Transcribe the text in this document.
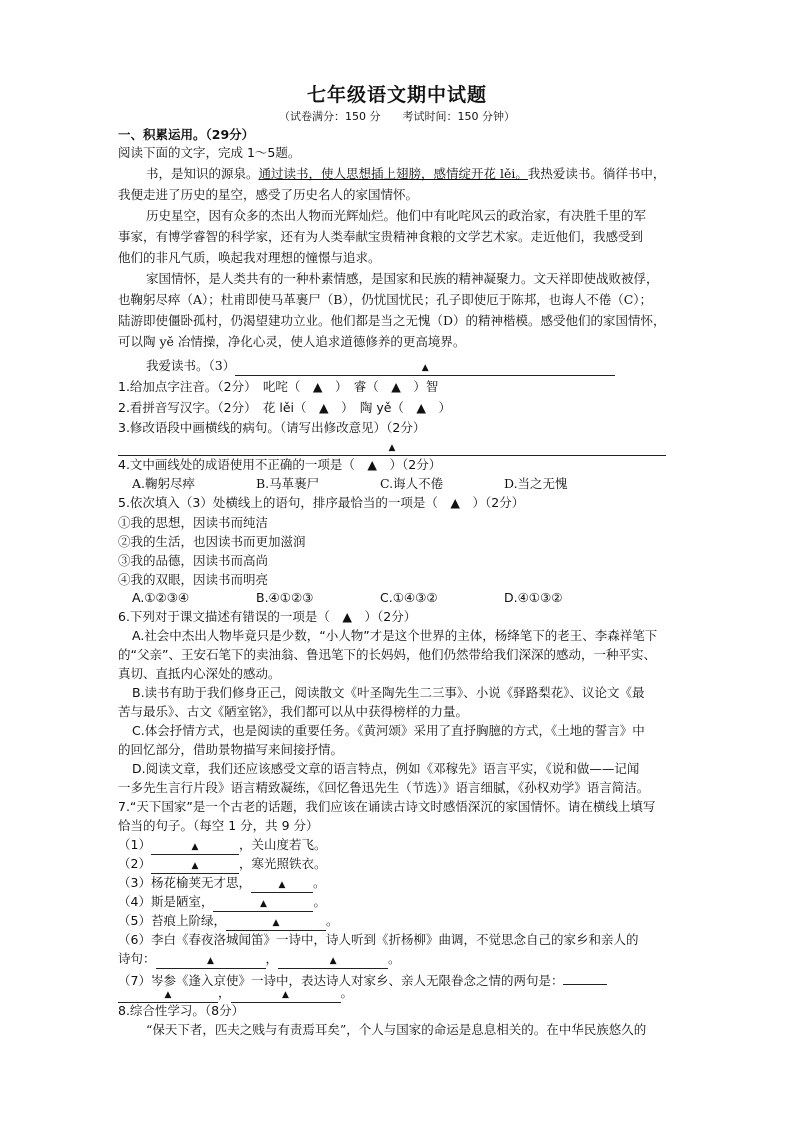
七年级语文期中试题
（试卷满分：150 分　　考试时间：150 分钟）
一、积累运用。（29分）
阅读下面的文字，完成 1～5题。
书，是知识的源泉。通过读书，使人思想插上翅膀，感情绽开花 lěi。我热爱读书。徜徉书中，
我便走进了历史的星空，感受了历史名人的家国情怀。
历史星空，因有众多的杰出人物而光辉灿烂。他们中有叱咤风云的政治家，有决胜千里的军
事家，有博学睿智的科学家，还有为人类奉献宝贵精神食粮的文学艺术家。走近他们，我感受到
他们的非凡气质，唤起我对理想的憧憬与追求。
家国情怀，是人类共有的一种朴素情感，是国家和民族的精神凝聚力。文天祥即使战败被俘，
也鞠躬尽瘁（A）；杜甫即使马革裹尸（B），仍忧国忧民；孔子即使厄于陈邦，也诲人不倦（C）；
陆游即使僵卧孤村，仍渴望建功立业。他们都是当之无愧（D）的精神楷模。感受他们的家国情怀，
可以陶 yě 冶情操，净化心灵，使人追求道德修养的更高境界。
我爱读书。（3）	▲
1.给加点字注音。（2分）　叱咤（　▲　）　睿（　▲　）智
2.看拼音写汉字。（2分）　花 lěi（　▲　）　陶 yě（　▲　）
3.修改语段中画横线的病句。（请写出修改意见）（2分）
▲
4.文中画线处的成语使用不正确的一项是（　▲　）（2分）
A.鞠躬尽瘁	B.马革裹尸	C.诲人不倦	D.当之无愧
5.依次填入（3）处横线上的语句，排序最恰当的一项是（　▲　）（2分）
①我的思想，因读书而纯洁
②我的生活，也因读书而更加滋润
③我的品德，因读书而高尚
④我的双眼，因读书而明亮
A.①②③④	B.④①②③	C.①④③②	D.④①③②
6.下列对于课文描述有错误的一项是（　▲　）（2分）
A.社会中杰出人物毕竟只是少数，“小人物”才是这个世界的主体，杨绛笔下的老王、李森祥笔下
的“父亲”、王安石笔下的卖油翁、鲁迅笔下的长妈妈，他们仍然带给我们深深的感动，一种平实、
真切、直抵内心深处的感动。
B.读书有助于我们修身正己，阅读散文《叶圣陶先生二三事》、小说《驿路梨花》、议论文《最
苦与最乐》、古文《陋室铭》，我们都可以从中获得榜样的力量。
C.体会抒情方式，也是阅读的重要任务。《黄河颂》采用了直抒胸臆的方式，《土地的誓言》中
的回忆部分，借助景物描写来间接抒情。
D.阅读文章，我们还应该感受文章的语言特点，例如《邓稼先》语言平实，《说和做——记闻
一多先生言行片段》语言精致凝练，《回忆鲁迅先生（节选）》语言细腻，《孙权劝学》语言简洁。
7.“天下国家”是一个古老的话题，我们应该在诵读古诗文时感悟深沉的家国情怀。请在横线上填写
恰当的句子。（每空 1 分，共 9 分）
（1）	▲	，关山度若飞。
（2）	▲	，寒光照铁衣。
（3）杨花榆荚无才思，	▲ 。
（4）斯是陋室，	▲	。
（5）苔痕上阶绿，	▲	。
（6）李白《春夜洛城闻笛》一诗中，诗人听到《折杨柳》曲调，不觉思念自己的家乡和亲人的
诗句：	▲	，	▲	。
（7）岑参《逢入京使》一诗中，表达诗人对家乡、亲人无限眷念之情的两句是：
▲	，	▲	。
8.综合性学习。（8分）
“保天下者，匹夫之贱与有责焉耳矣”，个人与国家的命运是息息相关的。在中华民族悠久的
